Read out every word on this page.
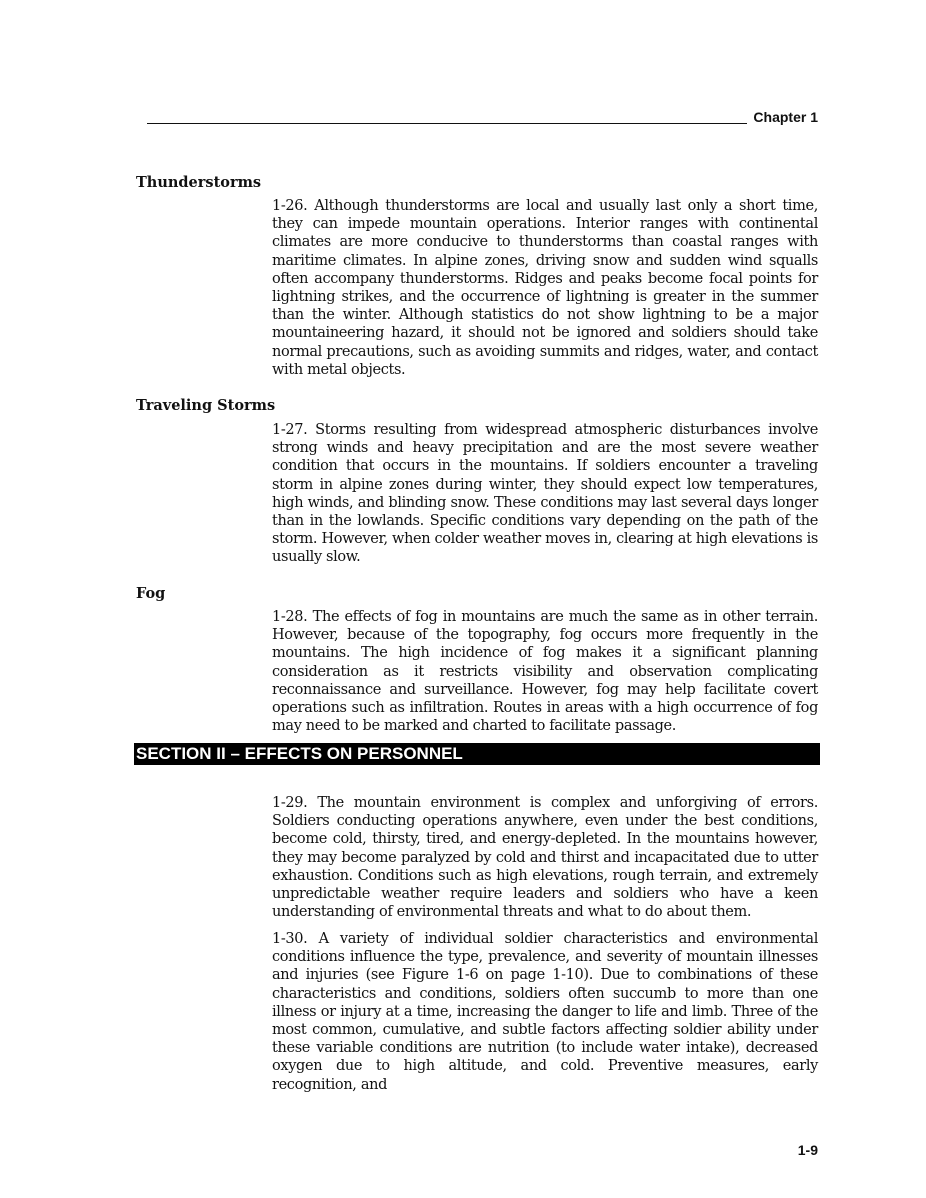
Chapter 1
Thunderstorms
1-26. Although thunderstorms are local and usually last only a short time, they can impede mountain operations. Interior ranges with continental climates are more conducive to thunderstorms than coastal ranges with maritime climates. In alpine zones, driving snow and sudden wind squalls often accompany thunderstorms. Ridges and peaks become focal points for lightning strikes, and the occurrence of lightning is greater in the summer than the winter. Although statistics do not show lightning to be a major mountaineering hazard, it should not be ignored and soldiers should take normal precautions, such as avoiding summits and ridges, water, and contact with metal objects.
Traveling Storms
1-27. Storms resulting from widespread atmospheric disturbances involve strong winds and heavy precipitation and are the most severe weather condition that occurs in the mountains. If soldiers encounter a traveling storm in alpine zones during winter, they should expect low temperatures, high winds, and blinding snow. These conditions may last several days longer than in the lowlands. Specific conditions vary depending on the path of the storm. However, when colder weather moves in, clearing at high elevations is usually slow.
Fog
1-28. The effects of fog in mountains are much the same as in other terrain. However, because of the topography, fog occurs more frequently in the mountains. The high incidence of fog makes it a significant planning consideration as it restricts visibility and observation complicating reconnaissance and surveillance. However, fog may help facilitate covert operations such as infiltration. Routes in areas with a high occurrence of fog may need to be marked and charted to facilitate passage.
SECTION II – EFFECTS ON PERSONNEL
1-29. The mountain environment is complex and unforgiving of errors. Soldiers conducting operations anywhere, even under the best conditions, become cold, thirsty, tired, and energy-depleted. In the mountains however, they may become paralyzed by cold and thirst and incapacitated due to utter exhaustion. Conditions such as high elevations, rough terrain, and extremely unpredictable weather require leaders and soldiers who have a keen understanding of environmental threats and what to do about them.
1-30. A variety of individual soldier characteristics and environmental conditions influence the type, prevalence, and severity of mountain illnesses and injuries (see Figure 1-6 on page 1-10). Due to combinations of these characteristics and conditions, soldiers often succumb to more than one illness or injury at a time, increasing the danger to life and limb. Three of the most common, cumulative, and subtle factors affecting soldier ability under these variable conditions are nutrition (to include water intake), decreased oxygen due to high altitude, and cold. Preventive measures, early recognition, and
1-9
